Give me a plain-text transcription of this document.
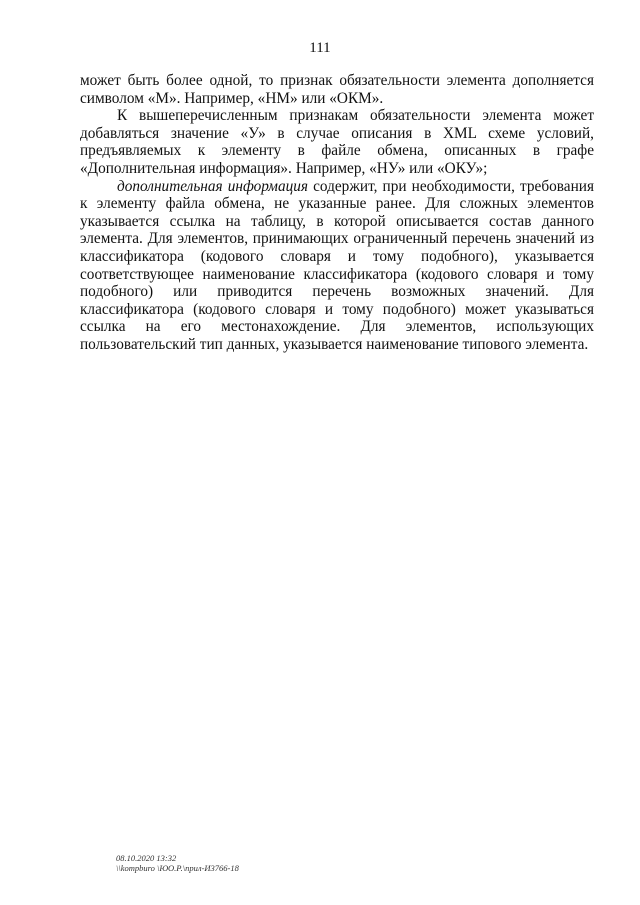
111

может быть более одной, то признак обязательности элемента дополняется символом «М». Например, «НМ» или «ОКМ».

К вышеперечисленным признакам обязательности элемента может добавляться значение «У» в случае описания в XML схеме условий, предъявляемых к элементу в файле обмена, описанных в графе «Дополнительная информация». Например, «НУ» или «ОКУ»;

дополнительная информация содержит, при необходимости, требования к элементу файла обмена, не указанные ранее. Для сложных элементов указывается ссылка на таблицу, в которой описывается состав данного элемента. Для элементов, принимающих ограниченный перечень значений из классификатора (кодового словаря и тому подобного), указывается соответствующее наименование классификатора (кодового словаря и тому подобного) или приводится перечень возможных значений. Для классификатора (кодового словаря и тому подобного) может указываться ссылка на его местонахождение. Для элементов, использующих пользовательский тип данных, указывается наименование типового элемента.

08.10.2020 13:32
\\kompburo \ЮО.Р.\прил-И3766-18
